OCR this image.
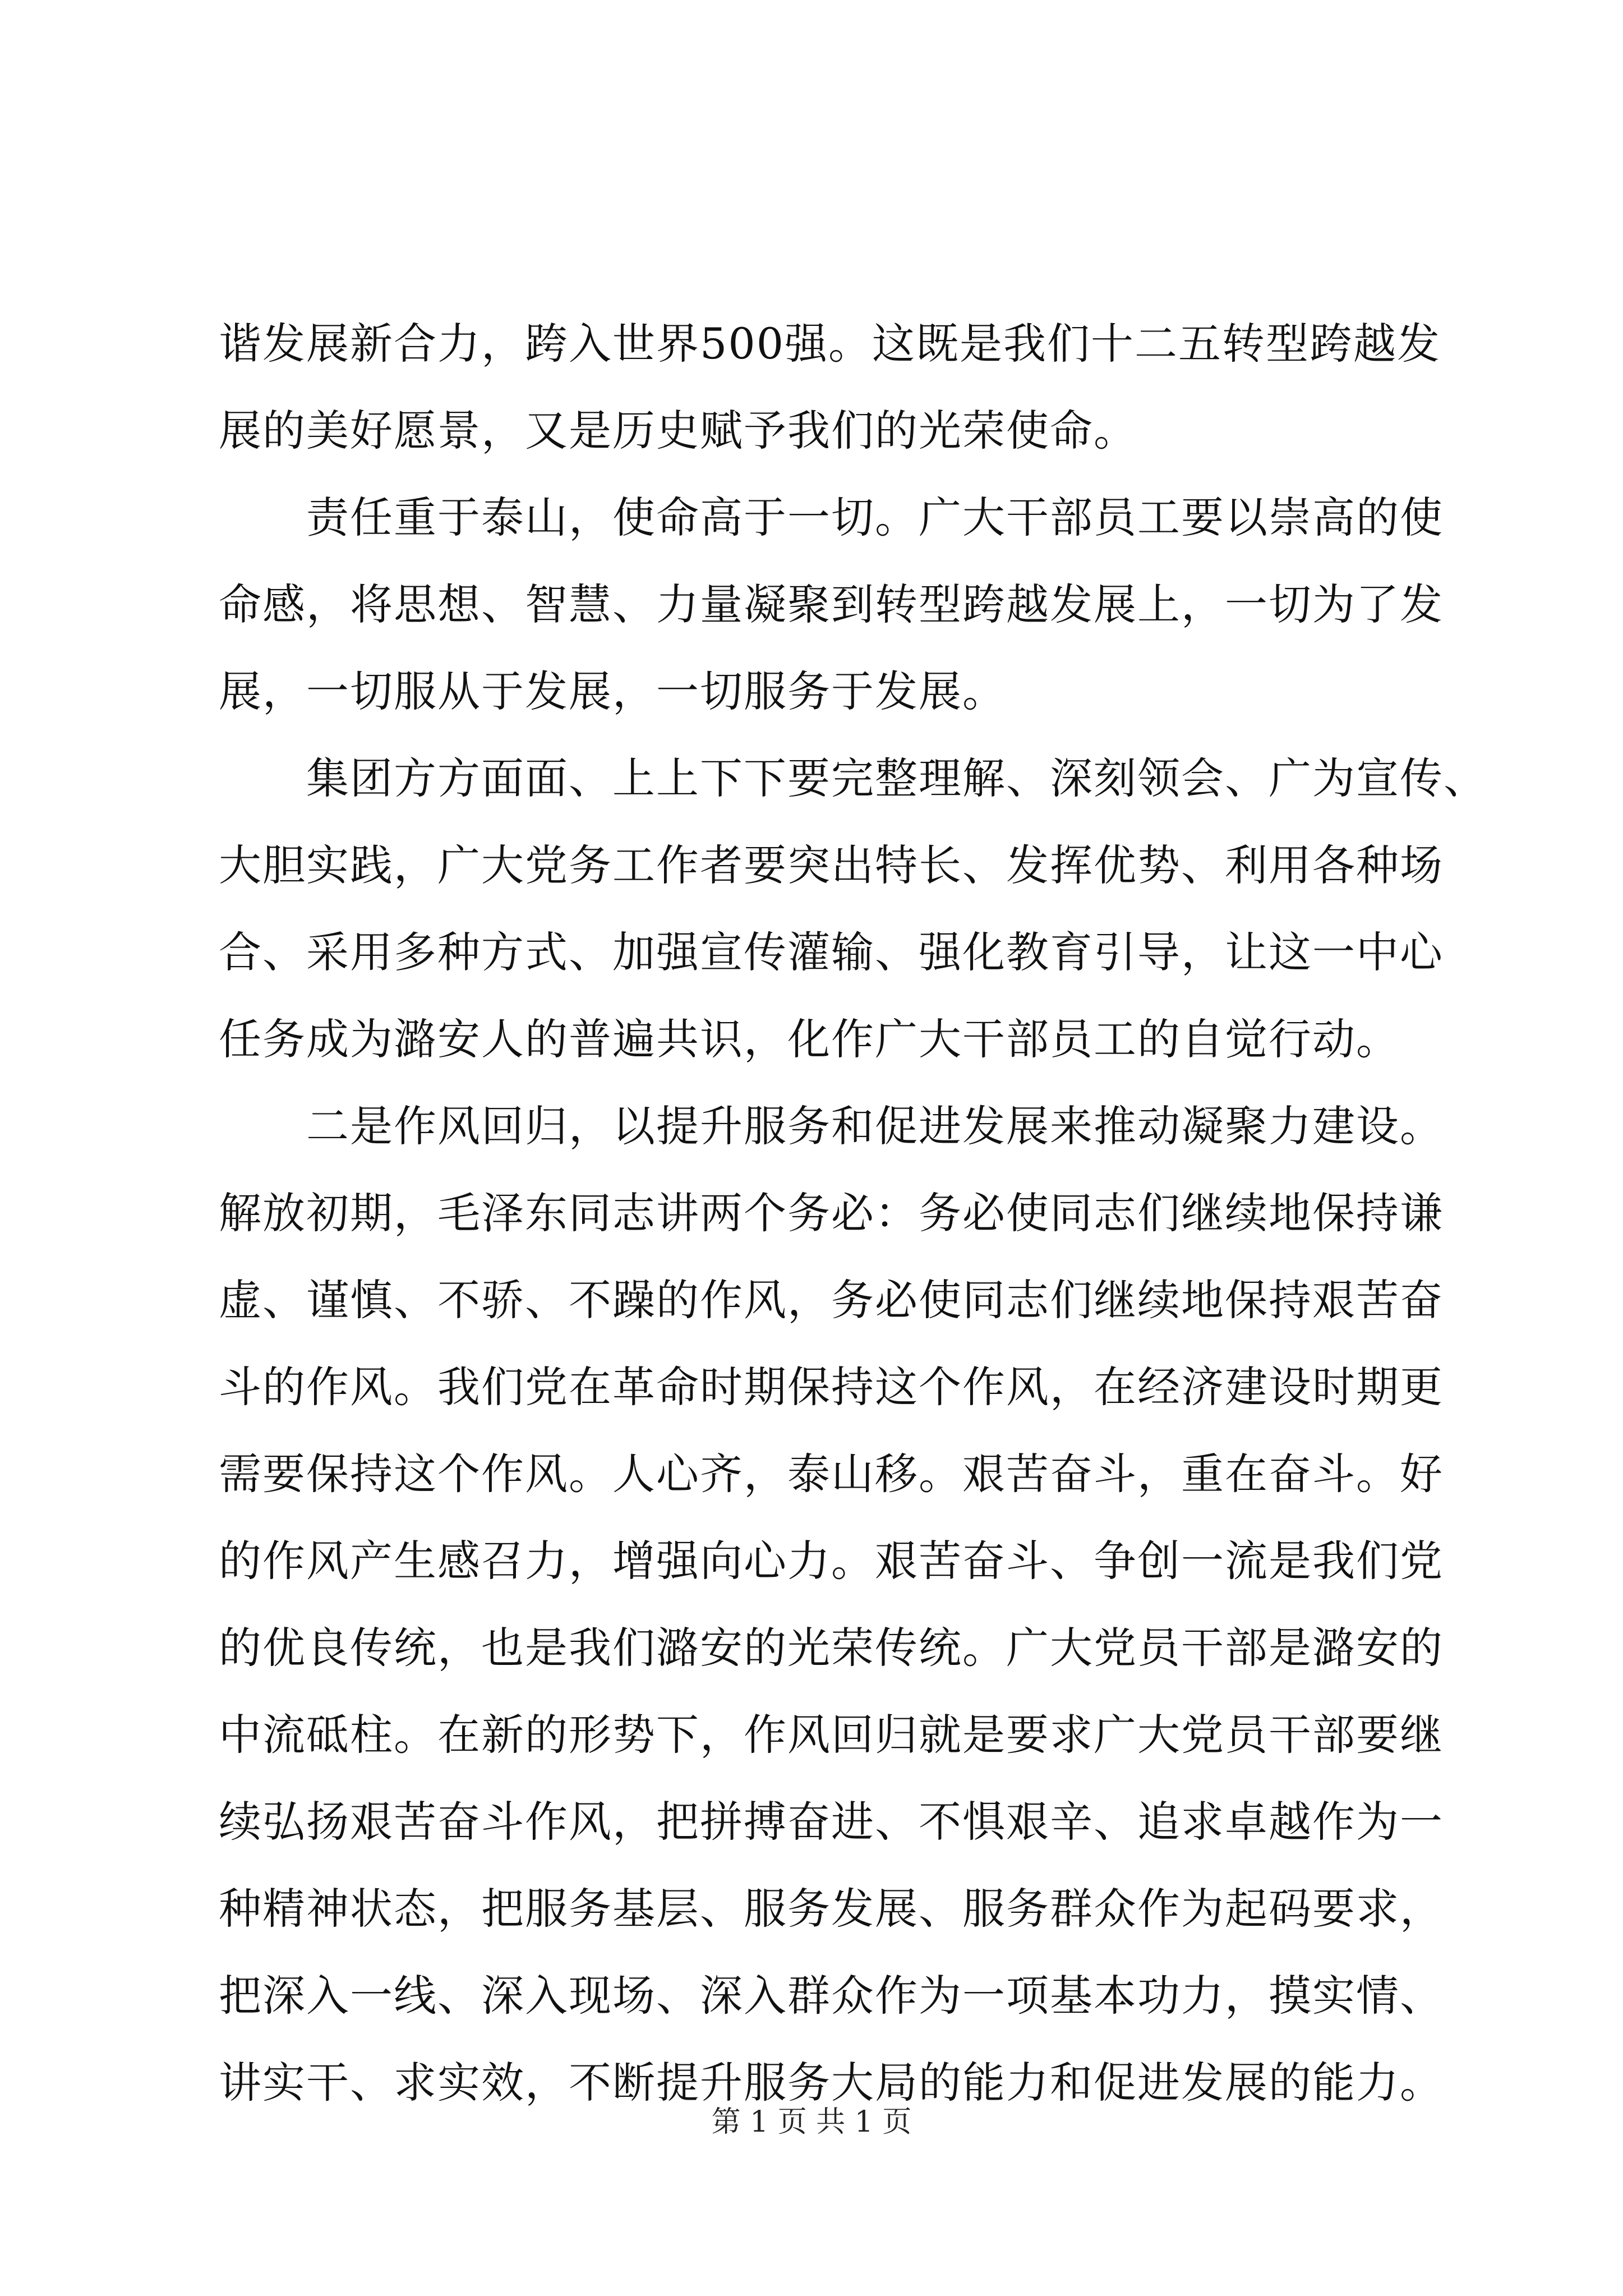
谐发展新合力，跨入世界500强。这既是我们十二五转型跨越发
展的美好愿景，又是历史赋予我们的光荣使命。
　　责任重于泰山，使命高于一切。广大干部员工要以崇高的使
命感，将思想、智慧、力量凝聚到转型跨越发展上，一切为了发
展，一切服从于发展，一切服务于发展。
　　集团方方面面、上上下下要完整理解、深刻领会、广为宣传、
大胆实践，广大党务工作者要突出特长、发挥优势、利用各种场
合、采用多种方式、加强宣传灌输、强化教育引导，让这一中心
任务成为潞安人的普遍共识，化作广大干部员工的自觉行动。
　　二是作风回归，以提升服务和促进发展来推动凝聚力建设。
解放初期，毛泽东同志讲两个务必：务必使同志们继续地保持谦
虚、谨慎、不骄、不躁的作风，务必使同志们继续地保持艰苦奋
斗的作风。我们党在革命时期保持这个作风，在经济建设时期更
需要保持这个作风。人心齐，泰山移。艰苦奋斗，重在奋斗。好
的作风产生感召力，增强向心力。艰苦奋斗、争创一流是我们党
的优良传统，也是我们潞安的光荣传统。广大党员干部是潞安的
中流砥柱。在新的形势下，作风回归就是要求广大党员干部要继
续弘扬艰苦奋斗作风，把拼搏奋进、不惧艰辛、追求卓越作为一
种精神状态，把服务基层、服务发展、服务群众作为起码要求，
把深入一线、深入现场、深入群众作为一项基本功力，摸实情、
讲实干、求实效，不断提升服务大局的能力和促进发展的能力。
第 1 页 共 1 页
